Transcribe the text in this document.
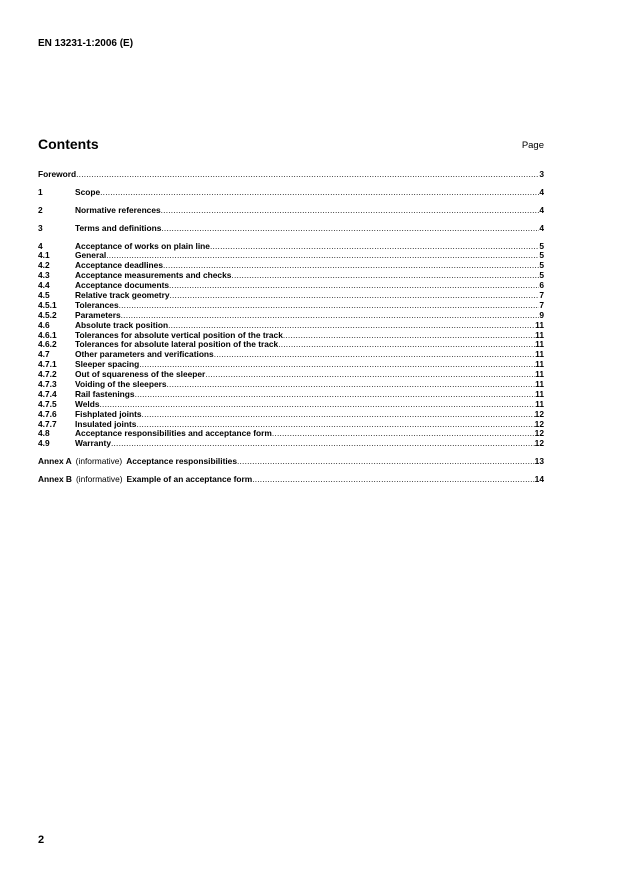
EN 13231-1:2006 (E)
Contents	Page
Foreword .....	3
1	Scope .....	4
2	Normative references .....	4
3	Terms and definitions .....	4
4	Acceptance of works on plain line .....	5
4.1	General .....	5
4.2	Acceptance deadlines .....	5
4.3	Acceptance measurements and checks .....	5
4.4	Acceptance documents .....	6
4.5	Relative track geometry .....	7
4.5.1	Tolerances .....	7
4.5.2	Parameters .....	9
4.6	Absolute track position .....	11
4.6.1	Tolerances for absolute vertical position of the track .....	11
4.6.2	Tolerances for absolute lateral position of the track .....	11
4.7	Other parameters and verifications .....	11
4.7.1	Sleeper spacing .....	11
4.7.2	Out of squareness of the sleeper .....	11
4.7.3	Voiding of the sleepers .....	11
4.7.4	Rail fastenings .....	11
4.7.5	Welds .....	11
4.7.6	Fishplated joints .....	12
4.7.7	Insulated joints .....	12
4.8	Acceptance responsibilities and acceptance form .....	12
4.9	Warranty .....	12
Annex A (informative) Acceptance responsibilities .....	13
Annex B (informative) Example of an acceptance form .....	14
2
